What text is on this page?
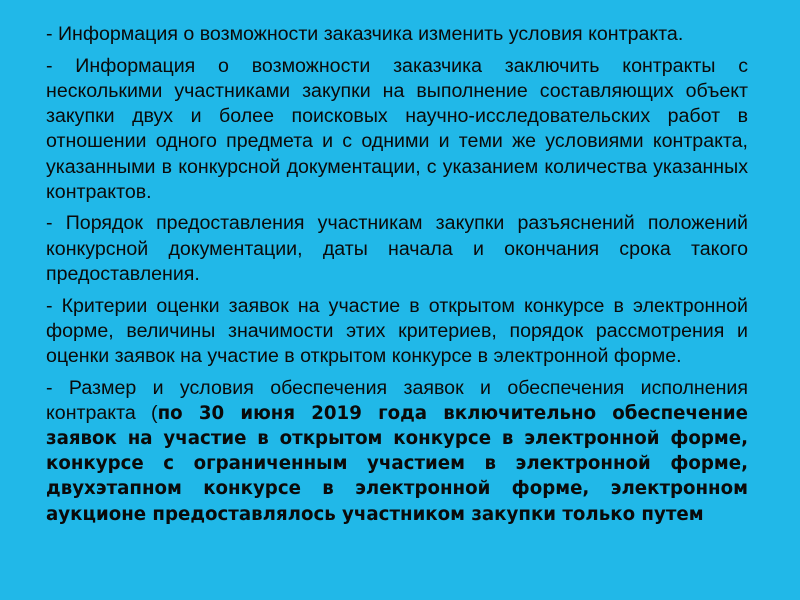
- Информация о возможности заказчика изменить условия контракта.

- Информация о возможности заказчика заключить контракты с несколькими участниками закупки на выполнение составляющих объект закупки двух и более поисковых научно-исследовательских работ в отношении одного предмета и с одними и теми же условиями контракта, указанными в конкурсной документации, с указанием количества указанных контрактов.

- Порядок предоставления участникам закупки разъяснений положений конкурсной документации, даты начала и окончания срока такого предоставления.

- Критерии оценки заявок на участие в открытом конкурсе в электронной форме, величины значимости этих критериев, порядок рассмотрения и оценки заявок на участие в открытом конкурсе в электронной форме.

- Размер и условия обеспечения заявок и обеспечения исполнения контракта (по 30 июня 2019 года включительно обеспечение заявок на участие в открытом конкурсе в электронной форме, конкурсе с ограниченным участием в электронной форме, двухэтапном конкурсе в электронной форме, электронном аукционе предоставлялось участником закупки только путем
